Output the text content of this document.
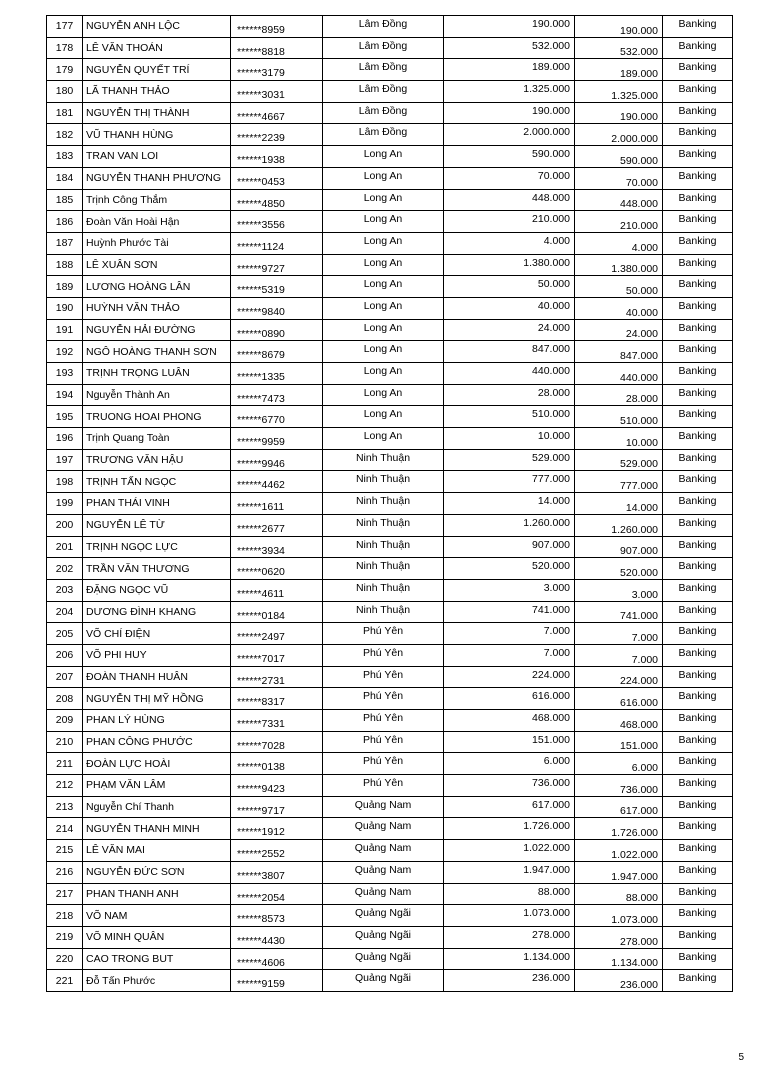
177	NGUYỄN ANH LỘC	******8959	Lâm Đồng	190.000	190.000	Banking
178	LÊ VĂN THOÁN	******8818	Lâm Đồng	532.000	532.000	Banking
179	NGUYỄN QUYẾT TRÍ	******3179	Lâm Đồng	189.000	189.000	Banking
180	LÃ THANH THẢO	******3031	Lâm Đồng	1.325.000	1.325.000	Banking
181	NGUYỄN THỊ THÀNH	******4667	Lâm Đồng	190.000	190.000	Banking
182	VŨ THANH HÙNG	******2239	Lâm Đồng	2.000.000	2.000.000	Banking
183	TRAN VAN LOI	******1938	Long An	590.000	590.000	Banking
184	NGUYỄN THANH PHƯƠNG	******0453	Long An	70.000	70.000	Banking
185	Trịnh Công Thắm	******4850	Long An	448.000	448.000	Banking
186	Đoàn Văn Hoài Hận	******3556	Long An	210.000	210.000	Banking
187	Huỳnh Phước Tài	******1124	Long An	4.000	4.000	Banking
188	LÊ XUÂN SƠN	******9727	Long An	1.380.000	1.380.000	Banking
189	LƯƠNG HOÀNG LÂN	******5319	Long An	50.000	50.000	Banking
190	HUỲNH VĂN THẢO	******9840	Long An	40.000	40.000	Banking
191	NGUYỄN HẢI ĐƯỜNG	******0890	Long An	24.000	24.000	Banking
192	NGÔ HOÀNG THANH SƠN	******8679	Long An	847.000	847.000	Banking
193	TRỊNH TRỌNG LUÂN	******1335	Long An	440.000	440.000	Banking
194	Nguyễn Thành An	******7473	Long An	28.000	28.000	Banking
195	TRUONG HOAI PHONG	******6770	Long An	510.000	510.000	Banking
196	Trịnh Quang Toàn	******9959	Long An	10.000	10.000	Banking
197	TRƯƠNG VĂN HẬU	******9946	Ninh Thuận	529.000	529.000	Banking
198	TRỊNH TẤN NGỌC	******4462	Ninh Thuận	777.000	777.000	Banking
199	PHAN THÁI VINH	******1611	Ninh Thuận	14.000	14.000	Banking
200	NGUYỄN LÊ TỪ	******2677	Ninh Thuận	1.260.000	1.260.000	Banking
201	TRỊNH NGỌC LỰC	******3934	Ninh Thuận	907.000	907.000	Banking
202	TRẦN VĂN THƯƠNG	******0620	Ninh Thuận	520.000	520.000	Banking
203	ĐẶNG NGỌC VŨ	******4611	Ninh Thuận	3.000	3.000	Banking
204	DƯƠNG ĐÌNH KHANG	******0184	Ninh Thuận	741.000	741.000	Banking
205	VÕ CHÍ ĐIỆN	******2497	Phú Yên	7.000	7.000	Banking
206	VÕ PHI HUY	******7017	Phú Yên	7.000	7.000	Banking
207	ĐOÀN THANH HUÂN	******2731	Phú Yên	224.000	224.000	Banking
208	NGUYỄN THỊ MỸ HỒNG	******8317	Phú Yên	616.000	616.000	Banking
209	PHAN LÝ HÙNG	******7331	Phú Yên	468.000	468.000	Banking
210	PHAN CÔNG PHƯỚC	******7028	Phú Yên	151.000	151.000	Banking
211	ĐOÀN LỰC HOÀI	******0138	Phú Yên	6.000	6.000	Banking
212	PHẠM VĂN LÂM	******9423	Phú Yên	736.000	736.000	Banking
213	Nguyễn Chí Thanh	******9717	Quảng Nam	617.000	617.000	Banking
214	NGUYỄN THANH MINH	******1912	Quảng Nam	1.726.000	1.726.000	Banking
215	LÊ VĂN MAI	******2552	Quảng Nam	1.022.000	1.022.000	Banking
216	NGUYỄN ĐỨC SƠN	******3807	Quảng Nam	1.947.000	1.947.000	Banking
217	PHAN THANH ANH	******2054	Quảng Nam	88.000	88.000	Banking
218	VÕ NAM	******8573	Quảng Ngãi	1.073.000	1.073.000	Banking
219	VÕ MINH QUÂN	******4430	Quảng Ngãi	278.000	278.000	Banking
220	CAO TRONG BUT	******4606	Quảng Ngãi	1.134.000	1.134.000	Banking
221	Đỗ Tấn Phước	******9159	Quảng Ngãi	236.000	236.000	Banking
5
